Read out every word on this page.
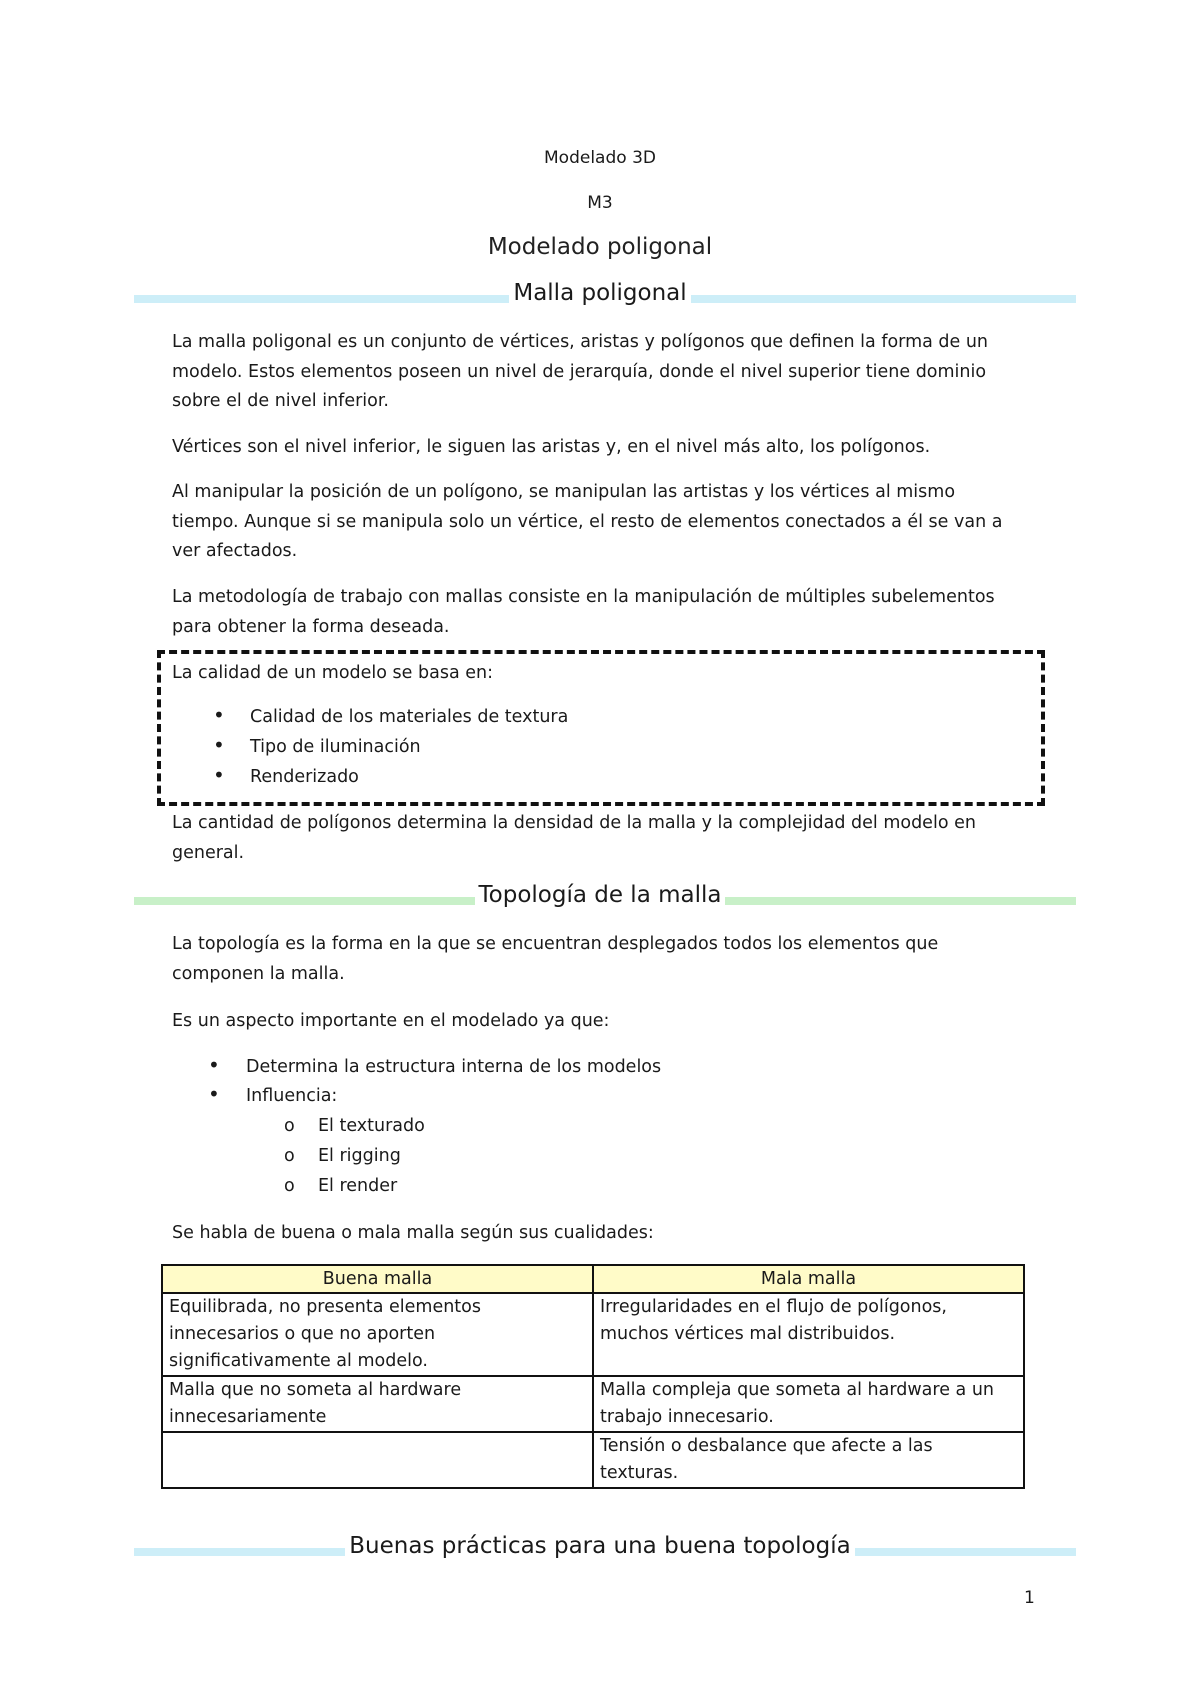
Modelado 3D
M3
Modelado poligonal
Malla poligonal
La malla poligonal es un conjunto de vértices, aristas y polígonos que definen la forma de un
modelo. Estos elementos poseen un nivel de jerarquía, donde el nivel superior tiene dominio
sobre el de nivel inferior.
Vértices son el nivel inferior, le siguen las aristas y, en el nivel más alto, los polígonos.
Al manipular la posición de un polígono, se manipulan las artistas y los vértices al mismo
tiempo. Aunque si se manipula solo un vértice, el resto de elementos conectados a él se van a
ver afectados.
La metodología de trabajo con mallas consiste en la manipulación de múltiples subelementos
para obtener la forma deseada.
La calidad de un modelo se basa en:
• Calidad de los materiales de textura
• Tipo de iluminación
• Renderizado
La cantidad de polígonos determina la densidad de la malla y la complejidad del modelo en
general.
Topología de la malla
La topología es la forma en la que se encuentran desplegados todos los elementos que
componen la malla.
Es un aspecto importante en el modelado ya que:
• Determina la estructura interna de los modelos
• Influencia:
o El texturado
o El rigging
o El render
Se habla de buena o mala malla según sus cualidades:
Buena malla	Mala malla
Equilibrada, no presenta elementos
innecesarios o que no aporten
significativamente al modelo.	Irregularidades en el flujo de polígonos,
muchos vértices mal distribuidos.
Malla que no someta al hardware
innecesariamente	Malla compleja que someta al hardware a un
trabajo innecesario.
	Tensión o desbalance que afecte a las
texturas.
Buenas prácticas para una buena topología
1
